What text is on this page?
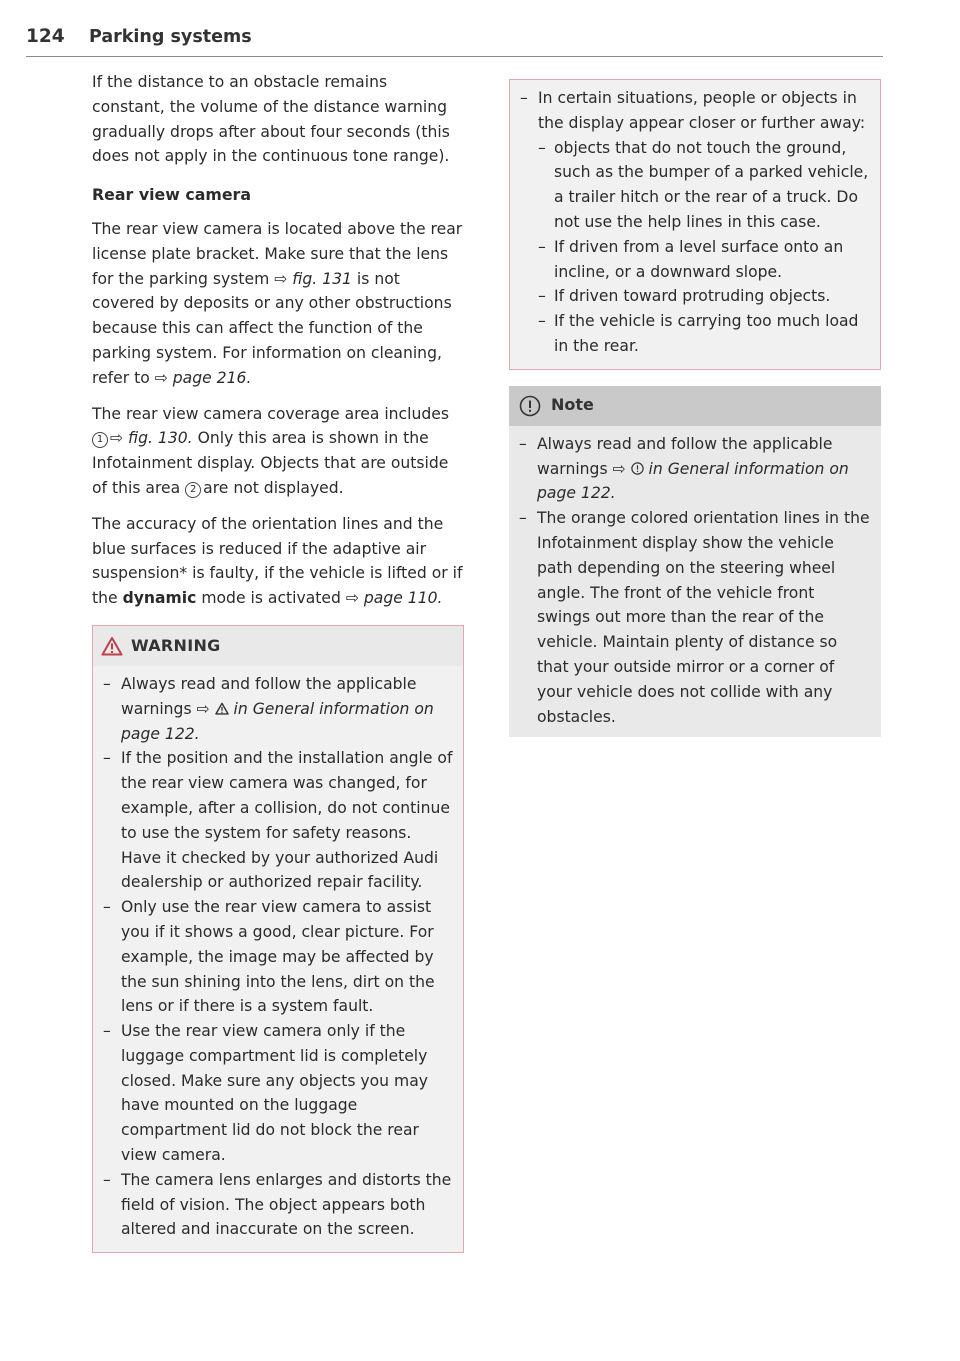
124 Parking systems

If the distance to an obstacle remains constant, the volume of the distance warning gradually drops after about four seconds (this does not apply in the continuous tone range).

Rear view camera

The rear view camera is located above the rear license plate bracket. Make sure that the lens for the parking system ⇨ fig. 131 is not covered by deposits or any other obstructions because this can affect the function of the parking system. For information on cleaning, refer to ⇨ page 216.

The rear view camera coverage area includes 1 ⇨ fig. 130. Only this area is shown in the Infotainment display. Objects that are outside of this area 2 are not displayed.

The accuracy of the orientation lines and the blue surfaces is reduced if the adaptive air suspension* is faulty, if the vehicle is lifted or if the dynamic mode is activated ⇨ page 110.

WARNING
– Always read and follow the applicable warnings ⇨ in General information on page 122.
– If the position and the installation angle of the rear view camera was changed, for example, after a collision, do not continue to use the system for safety reasons. Have it checked by your authorized Audi dealership or authorized repair facility.
– Only use the rear view camera to assist you if it shows a good, clear picture. For example, the image may be affected by the sun shining into the lens, dirt on the lens or if there is a system fault.
– Use the rear view camera only if the luggage compartment lid is completely closed. Make sure any objects you may have mounted on the luggage compartment lid do not block the rear view camera.
– The camera lens enlarges and distorts the field of vision. The object appears both altered and inaccurate on the screen.
– In certain situations, people or objects in the display appear closer or further away:
– objects that do not touch the ground, such as the bumper of a parked vehicle, a trailer hitch or the rear of a truck. Do not use the help lines in this case.
– If driven from a level surface onto an incline, or a downward slope.
– If driven toward protruding objects.
– If the vehicle is carrying too much load in the rear.
Note
– Always read and follow the applicable warnings ⇨ in General information on page 122.
– The orange colored orientation lines in the Infotainment display show the vehicle path depending on the steering wheel angle. The front of the vehicle front swings out more than the rear of the vehicle. Maintain plenty of distance so that your outside mirror or a corner of your vehicle does not collide with any obstacles.
